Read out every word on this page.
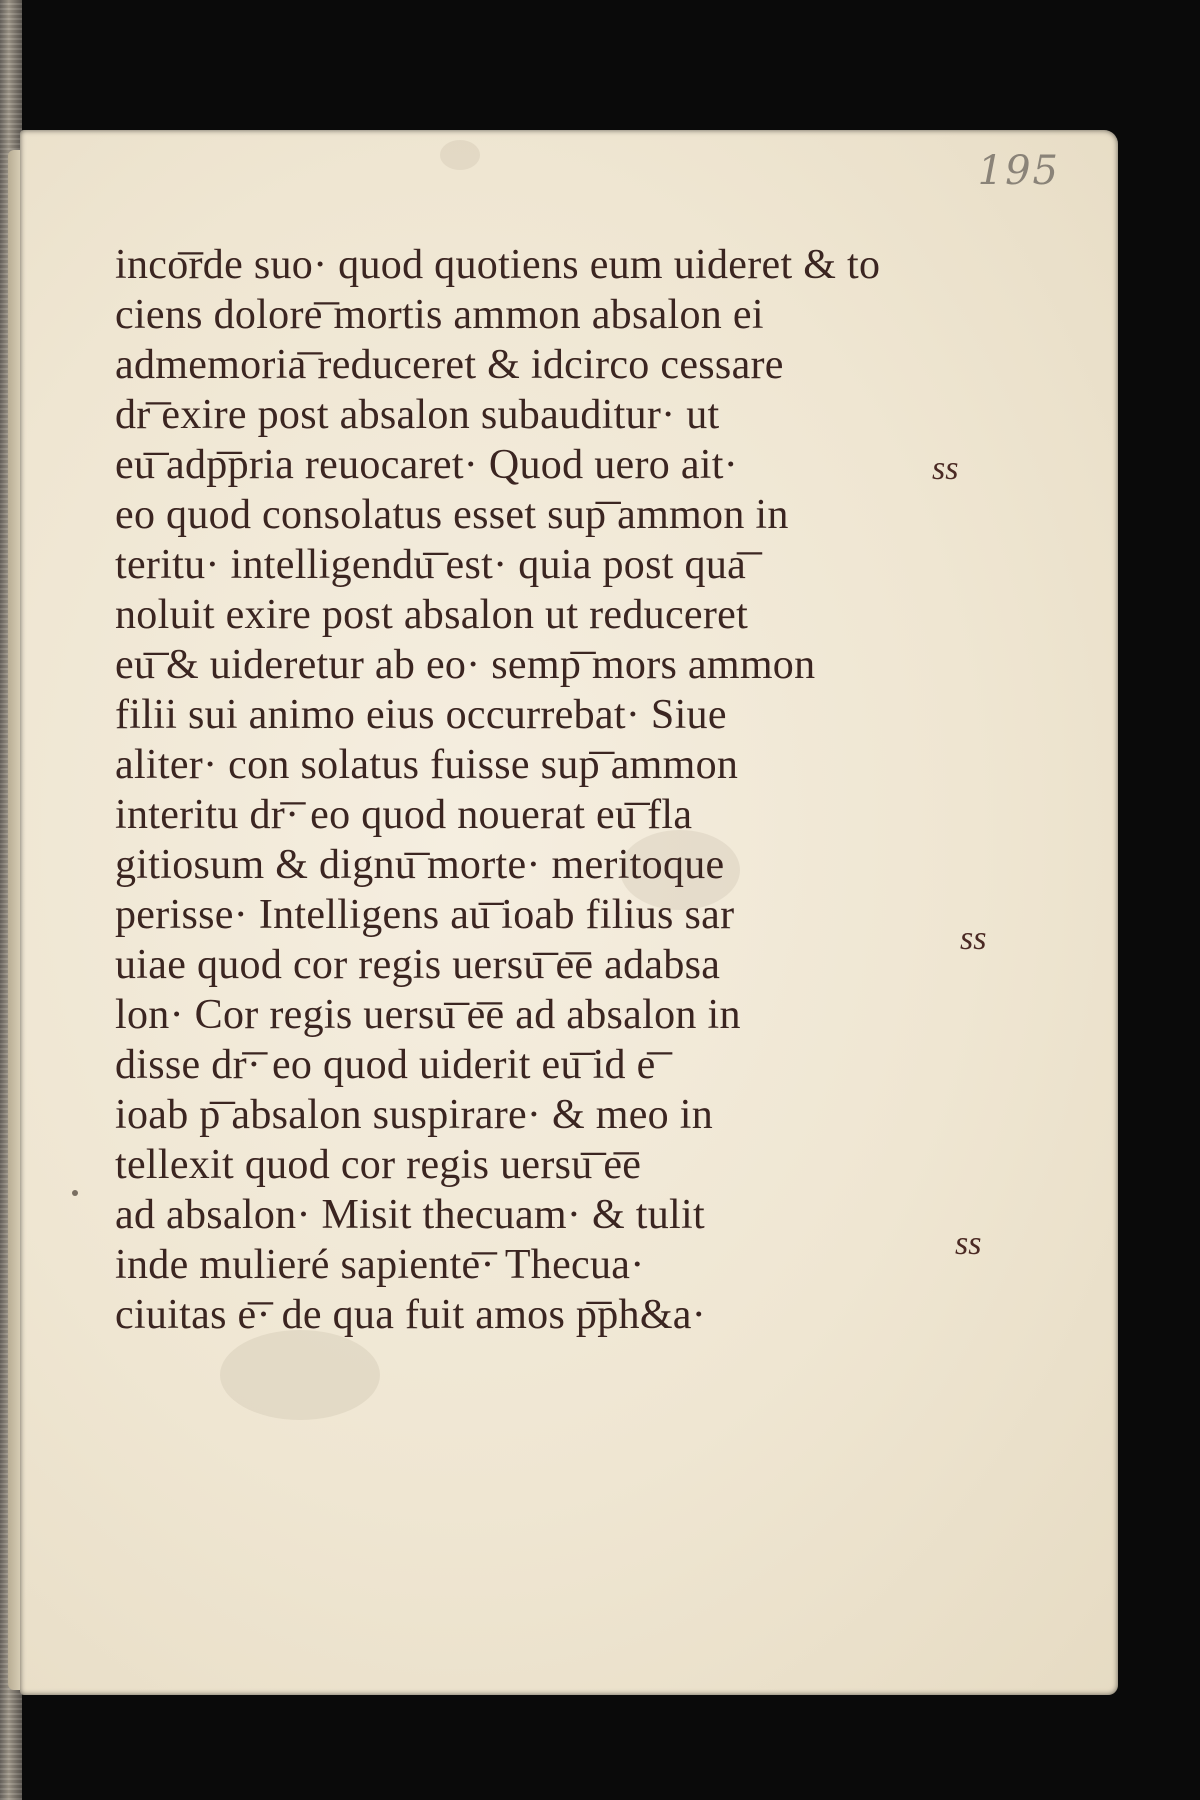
195
inco͞rde suo· quod quotiens eum uideret & to
ciens dolore͞ mortis ammon absalon ei
admemoria͞ reduceret & idcirco cessare
dr͞ exire post absalon subauditur· ut
eu͞ adp͞pria reuocaret· Quod uero ait·
eo quod consolatus esset sup͞ ammon in
teritu· intelligendu͞ est· quia post qua͞
noluit exire post absalon ut reduceret
eu͞ & uideretur ab eo· semp͞ mors ammon
filii sui animo eius occurrebat· Siue
aliter· con solatus fuisse sup͞ ammon
interitu dr͞· eo quod nouerat eu͞ fla
gitiosum & dignu͞ morte· meritoque
perisse· Intelligens au͞ ioab filius sar
uiae quod cor regis uersu͞ e͞e adabsa
lon· Cor regis uersu͞ e͞e ad absalon in
disse dr͞· eo quod uiderit eu͞ id e͞
ioab p͞ absalon suspirare· & meo in
tellexit quod cor regis uersu͞ e͞e
ad absalon· Misit thecuam· & tulit
inde mulieré sapiente͞· Thecua·
ciuitas e͞· de qua fuit amos p͞ph&a·
ss
ss
ss
